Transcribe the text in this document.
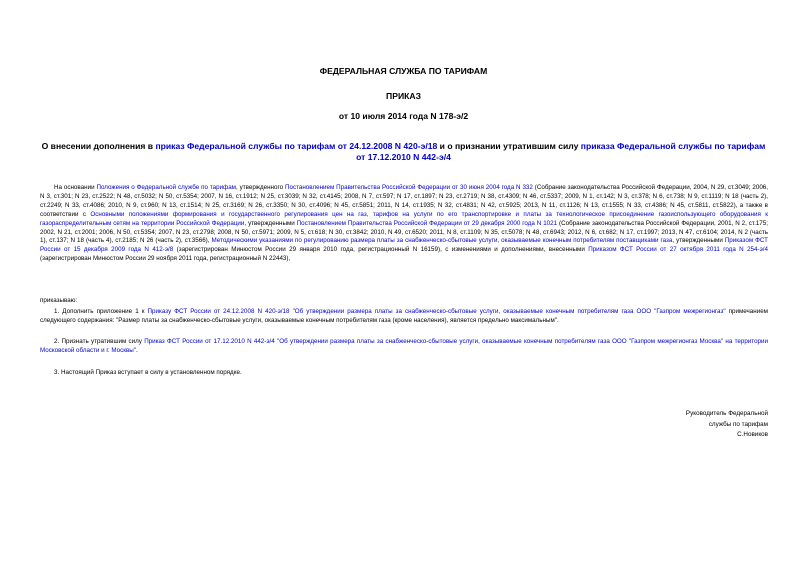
ФЕДЕРАЛЬНАЯ СЛУЖБА ПО ТАРИФАМ
ПРИКАЗ
от 10 июля 2014 года N 178-э/2
О внесении дополнения в приказ Федеральной службы по тарифам от 24.12.2008 N 420-э/18 и о признании утратившим силу приказа Федеральной службы по тарифам от 17.12.2010 N 442-э/4
На основании Положения о Федеральной службе по тарифам, утвержденного Постановлением Правительства Российской Федерации от 30 июня 2004 года N 332 (Собрание законодательства Российской Федерации, 2004, N 29, ст.3049; 2006, N 3, ст.301; N 23, ст.2522; N 48, ст.5032; N 50, ст.5354; 2007, N 16, ст.1912; N 25, ст.3039; N 32, ст.4145; 2008, N 7, ст.597; N 17, ст.1897; N 23, ст.2719; N 38, ст.4309; N 46, ст.5337; 2009, N 1, ст.142; N 3, ст.378; N 6, ст.738; N 9, ст.1119; N 18 (часть 2), ст.2249; N 33, ст.4086; 2010, N 9, ст.960; N 13, ст.1514; N 25, ст.3169; N 26, ст.3350; N 30, ст.4096; N 45, ст.5851; 2011, N 14, ст.1935; N 32, ст.4831; N 42, ст.5925; 2013, N 11, ст.1126; N 13, ст.1555; N 33, ст.4386; N 45, ст.5811, ст.5822), а также в соответствии с Основными положениями формирования и государственного регулирования цен на газ, тарифов на услуги по его транспортировке и платы за технологическое присоединение газоиспользующего оборудования к газораспределительным сетям на территории Российской Федерации, утвержденными Постановлением Правительства Российской Федерации от 29 декабря 2000 года N 1021 (Собрание законодательства Российской Федерации, 2001, N 2, ст.175; 2002, N 21, ст.2001; 2006, N 50, ст.5354; 2007, N 23, ст.2798; 2008, N 50, ст.5971; 2009, N 5, ст.618; N 30, ст.3842; 2010, N 49, ст.6520; 2011, N 8, ст.1109; N 35, ст.5078; N 48, ст.6943; 2012, N 6, ст.682; N 17, ст.1997; 2013, N 47, ст.6104; 2014, N 2 (часть 1), ст.137; N 18 (часть 4), ст.2185; N 26 (часть 2), ст.3566), Методическими указаниями по регулированию размера платы за снабженческо-сбытовые услуги, оказываемые конечным потребителям поставщиками газа, утвержденными Приказом ФСТ России от 15 декабря 2009 года N 412-э/8 (зарегистрирован Минюстом России 29 января 2010 года, регистрационный N 16159), с изменениями и дополнениями, внесенными Приказом ФСТ России от 27 октября 2011 года N 254-э/4 (зарегистрирован Минюстом России 29 ноября 2011 года, регистрационный N 22443),
приказываю:
1. Дополнить приложение 1 к Приказу ФСТ России от 24.12.2008 N 420-э/18 "Об утверждении размера платы за снабженческо-сбытовые услуги, оказываемые конечным потребителям газа ООО "Газпром межрегионгаз" примечанием следующего содержания: "Размер платы за снабженческо-сбытовые услуги, оказываемые конечным потребителям газа (кроме населения), является предельно максимальным".
2. Признать утратившим силу Приказ ФСТ России от 17.12.2010 N 442-э/4 "Об утверждении размера платы за снабженческо-сбытовые услуги, оказываемые конечным потребителям газа ООО "Газпром межрегионгаз Москва" на территории Московской области и г. Москвы".
3. Настоящий Приказ вступает в силу в установленном порядке.
Руководитель Федеральной
службы по тарифам
С.Новиков
